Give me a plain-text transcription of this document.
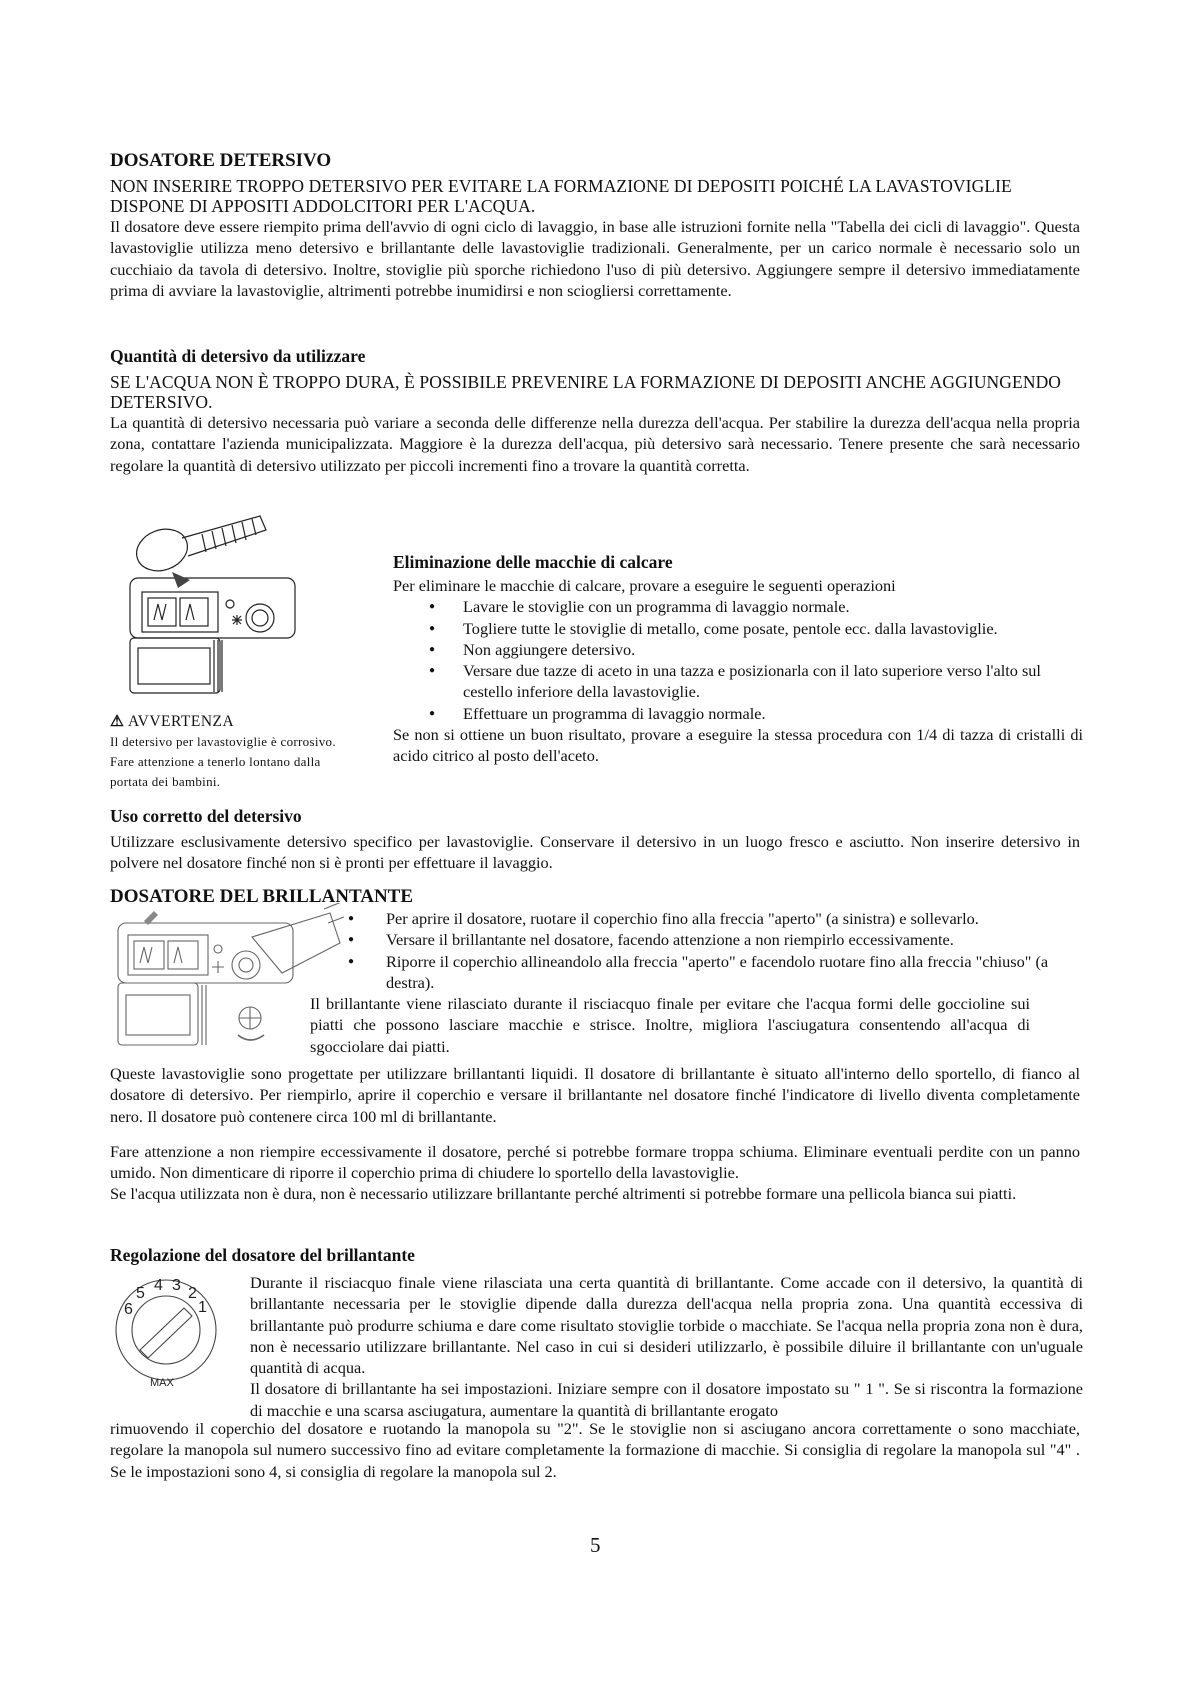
DOSATORE DETERSIVO

NON INSERIRE TROPPO DETERSIVO PER EVITARE LA FORMAZIONE DI DEPOSITI POICHÉ LA LAVASTOVIGLIE DISPONE DI APPOSITI ADDOLCITORI PER L'ACQUA.

Il dosatore deve essere riempito prima dell'avvio di ogni ciclo di lavaggio, in base alle istruzioni fornite nella "Tabella dei cicli di lavaggio". Questa lavastoviglie utilizza meno detersivo e brillantante delle lavastoviglie tradizionali. Generalmente, per un carico normale è necessario solo un cucchiaio da tavola di detersivo. Inoltre, stoviglie più sporche richiedono l'uso di più detersivo. Aggiungere sempre il detersivo immediatamente prima di avviare la lavastoviglie, altrimenti potrebbe inumidirsi e non sciogliersi correttamente.

Quantità di detersivo da utilizzare

SE L'ACQUA NON È TROPPO DURA, È POSSIBILE PREVENIRE LA FORMAZIONE DI DEPOSITI ANCHE AGGIUNGENDO DETERSIVO.

La quantità di detersivo necessaria può variare a seconda delle differenze nella durezza dell'acqua. Per stabilire la durezza dell'acqua nella propria zona, contattare l'azienda municipalizzata. Maggiore è la durezza dell'acqua, più detersivo sarà necessario. Tenere presente che sarà necessario regolare la quantità di detersivo utilizzato per piccoli incrementi fino a trovare la quantità corretta.

⚠ AVVERTENZA

Il detersivo per lavastoviglie è corrosivo. Fare attenzione a tenerlo lontano dalla portata dei bambini.

Eliminazione delle macchie di calcare

Per eliminare le macchie di calcare, provare a eseguire le seguenti operazioni

● Lavare le stoviglie con un programma di lavaggio normale.
● Togliere tutte le stoviglie di metallo, come posate, pentole ecc. dalla lavastoviglie.
● Non aggiungere detersivo.
● Versare due tazze di aceto in una tazza e posizionarla con il lato superiore verso l'alto sul cestello inferiore della lavastoviglie.
● Effettuare un programma di lavaggio normale.

Se non si ottiene un buon risultato, provare a eseguire la stessa procedura con 1/4 di tazza di cristalli di acido citrico al posto dell'aceto.

Uso corretto del detersivo

Utilizzare esclusivamente detersivo specifico per lavastoviglie. Conservare il detersivo in un luogo fresco e asciutto. Non inserire detersivo in polvere nel dosatore finché non si è pronti per effettuare il lavaggio.

DOSATORE DEL BRILLANTANTE
● Per aprire il dosatore, ruotare il coperchio fino alla freccia "aperto" (a sinistra) e sollevarlo.
● Versare il brillantante nel dosatore, facendo attenzione a non riempirlo eccessivamente.
● Riporre il coperchio allineandolo alla freccia "aperto" e facendolo ruotare fino alla freccia "chiuso" (a destra).

Il brillantante viene rilasciato durante il risciacquo finale per evitare che l'acqua formi delle goccioline sui piatti che possono lasciare macchie e strisce. Inoltre, migliora l'asciugatura consentendo all'acqua di sgocciolare dai piatti.

Queste lavastoviglie sono progettate per utilizzare brillantanti liquidi. Il dosatore di brillantante è situato all'interno dello sportello, di fianco al dosatore di detersivo. Per riempirlo, aprire il coperchio e versare il brillantante nel dosatore finché l'indicatore di livello diventa completamente nero. Il dosatore può contenere circa 100 ml di brillantante.

Fare attenzione a non riempire eccessivamente il dosatore, perché si potrebbe formare troppa schiuma. Eliminare eventuali perdite con un panno umido. Non dimenticare di riporre il coperchio prima di chiudere lo sportello della lavastoviglie.

Se l'acqua utilizzata non è dura, non è necessario utilizzare brillantante perché altrimenti si potrebbe formare una pellicola bianca sui piatti.

Regolazione del dosatore del brillantante
6
5 4 3 2
1
MAX

Durante il risciacquo finale viene rilasciata una certa quantità di brillantante. Come accade con il detersivo, la quantità di brillantante necessaria per le stoviglie dipende dalla durezza dell'acqua nella propria zona. Una quantità eccessiva di brillantante può produrre schiuma e dare come risultato stoviglie torbide o macchiate. Se l'acqua nella propria zona non è dura, non è necessario utilizzare brillantante. Nel caso in cui si desideri utilizzarlo, è possibile diluire il brillantante con un'uguale quantità di acqua.

Il dosatore di brillantante ha sei impostazioni. Iniziare sempre con il dosatore impostato su " 1 ". Se si riscontra la formazione di macchie e una scarsa asciugatura, aumentare la quantità di brillantante erogato

rimuovendo il coperchio del dosatore e ruotando la manopola su "2". Se le stoviglie non si asciugano ancora correttamente o sono macchiate, regolare la manopola sul numero successivo fino ad evitare completamente la formazione di macchie. Si consiglia di regolare la manopola sul "4" . Se le impostazioni sono 4, si consiglia di regolare la manopola sul 2.

5
